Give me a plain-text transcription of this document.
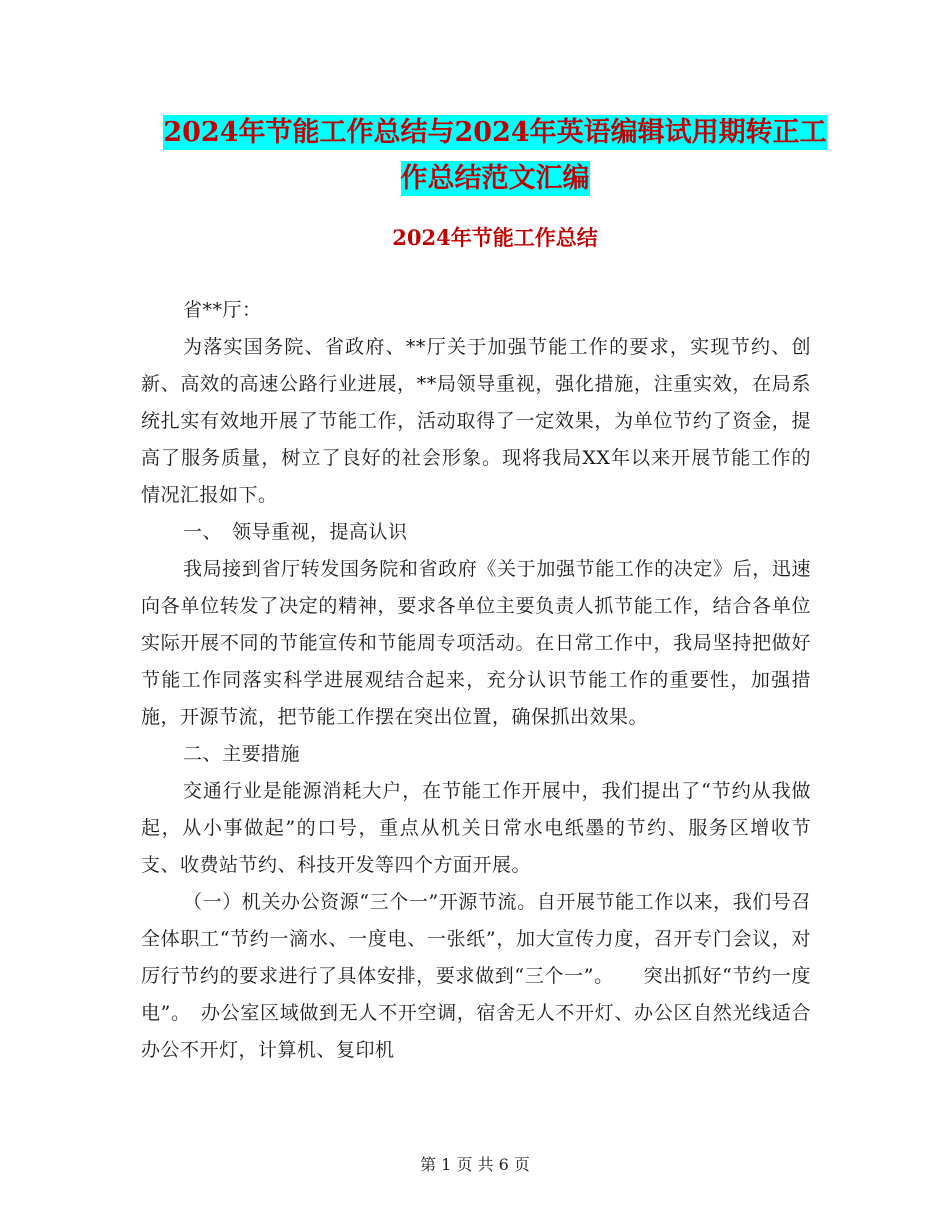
2024年节能工作总结与2024年英语编辑试用期转正工
作总结范文汇编
2024年节能工作总结

省**厅：

为落实国务院、省政府、**厅关于加强节能工作的要求，实现节约、创新、高效的高速公路行业进展，**局领导重视，强化措施，注重实效，在局系统扎实有效地开展了节能工作，活动取得了一定效果，为单位节约了资金，提高了服务质量，树立了良好的社会形象。现将我局XX年以来开展节能工作的情况汇报如下。

一、　领导重视，提高认识

我局接到省厅转发国务院和省政府《关于加强节能工作的决定》后，迅速向各单位转发了决定的精神，要求各单位主要负责人抓节能工作，结合各单位实际开展不同的节能宣传和节能周专项活动。在日常工作中，我局坚持把做好节能工作同落实科学进展观结合起来，充分认识节能工作的重要性，加强措施，开源节流，把节能工作摆在突出位置，确保抓出效果。

二、主要措施

交通行业是能源消耗大户，在节能工作开展中，我们提出了“节约从我做起，从小事做起”的口号，重点从机关日常水电纸墨的节约、服务区增收节支、收费站节约、科技开发等四个方面开展。

（一）机关办公资源“三个一”开源节流。自开展节能工作以来，我们号召全体职工“节约一滴水、一度电、一张纸”，加大宣传力度，召开专门会议，对厉行节约的要求进行了具体安排，要求做到“三个一”。　　突出抓好“节约一度电”。　办公室区域做到无人不开空调，宿舍无人不开灯、办公区自然光线适合办公不开灯，计算机、复印机

第 1 页 共 6 页
